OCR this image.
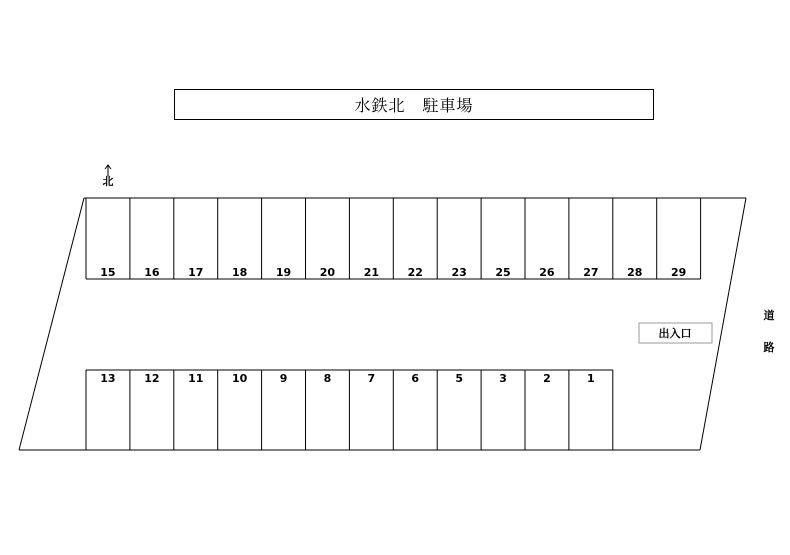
水鉄北　駐車場
北
15	16	17	18	19	20	21	22	23	25	26	27	28	29
13	12	11	10	9	8	7	6	5	3	2	1
出入口
道
路
